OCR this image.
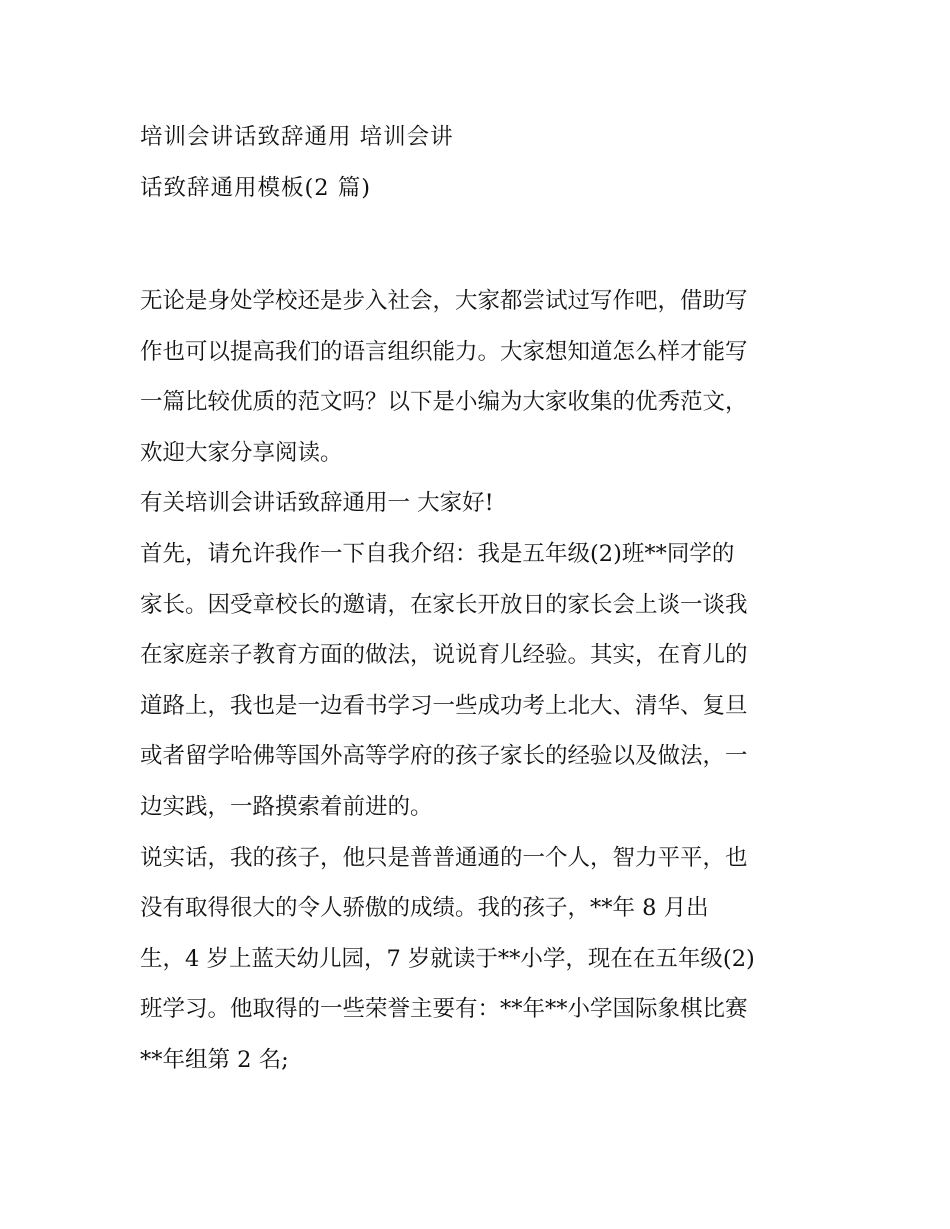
培训会讲话致辞通用 培训会讲
话致辞通用模板(2 篇)
无论是身处学校还是步入社会，大家都尝试过写作吧，借助写
作也可以提高我们的语言组织能力。大家想知道怎么样才能写
一篇比较优质的范文吗？以下是小编为大家收集的优秀范文，
欢迎大家分享阅读。
有关培训会讲话致辞通用一 大家好!
首先，请允许我作一下自我介绍：我是五年级(2)班**同学的
家长。因受章校长的邀请，在家长开放日的家长会上谈一谈我
在家庭亲子教育方面的做法，说说育儿经验。其实，在育儿的
道路上，我也是一边看书学习一些成功考上北大、清华、复旦
或者留学哈佛等国外高等学府的孩子家长的经验以及做法，一
边实践，一路摸索着前进的。
说实话，我的孩子，他只是普普通通的一个人，智力平平，也
没有取得很大的令人骄傲的成绩。我的孩子，**年 8 月出
生，4 岁上蓝天幼儿园，7 岁就读于**小学，现在在五年级(2)
班学习。他取得的一些荣誉主要有：**年**小学国际象棋比赛
**年组第 2 名;
